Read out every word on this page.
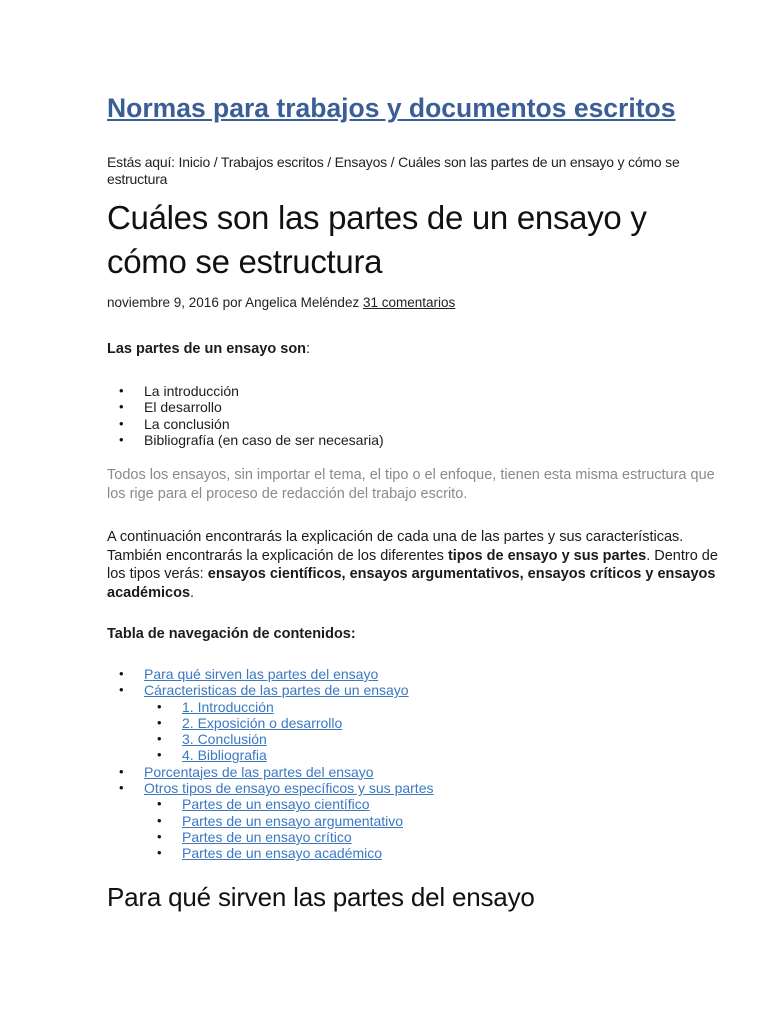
Normas para trabajos y documentos escritos
Estás aquí: Inicio / Trabajos escritos / Ensayos / Cuáles son las partes de un ensayo y cómo se estructura
Cuáles son las partes de un ensayo y cómo se estructura
noviembre 9, 2016 por Angelica Meléndez 31 comentarios

Las partes de un ensayo son:

• La introducción
• El desarrollo
• La conclusión
• Bibliografía (en caso de ser necesaria)

Todos los ensayos, sin importar el tema, el tipo o el enfoque, tienen esta misma estructura que los rige para el proceso de redacción del trabajo escrito.

A continuación encontrarás la explicación de cada una de las partes y sus características. También encontrarás la explicación de los diferentes tipos de ensayo y sus partes. Dentro de los tipos verás: ensayos científicos, ensayos argumentativos, ensayos críticos y ensayos académicos.

Tabla de navegación de contenidos:

• Para qué sirven las partes del ensayo
• Cáracteristicas de las partes de un ensayo
• 1. Introducción
• 2. Exposición o desarrollo
• 3. Conclusión
• 4. Bibliografia
• Porcentajes de las partes del ensayo
• Otros tipos de ensayo específicos y sus partes
• Partes de un ensayo científico
• Partes de un ensayo argumentativo
• Partes de un ensayo crítico
• Partes de un ensayo académico
Para qué sirven las partes del ensayo
